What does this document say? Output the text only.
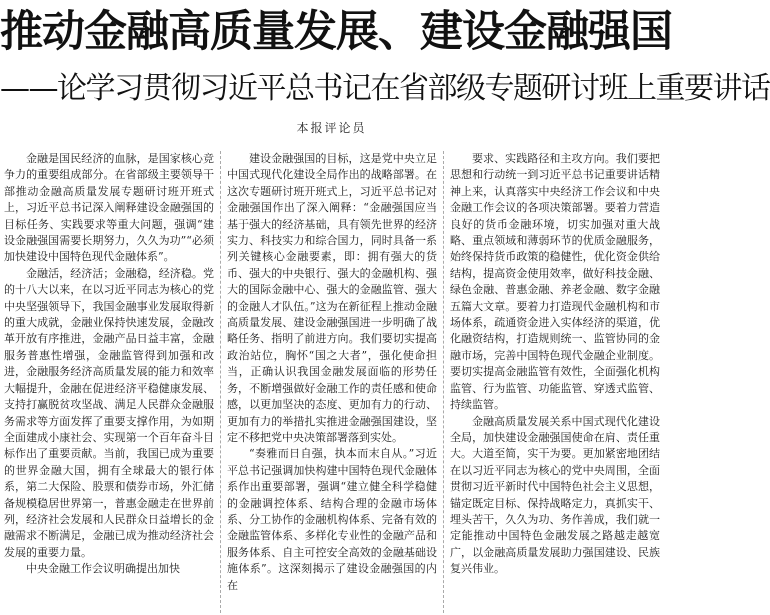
推动金融高质量发展、建设金融强国
——论学习贯彻习近平总书记在省部级专题研讨班上重要讲话
本报评论员

金融是国民经济的血脉，是国家核心竞争力的重要组成部分。在省部级主要领导干部推动金融高质量发展专题研讨班开班式上，习近平总书记深入阐释建设金融强国的目标任务、实践要求等重大问题，强调“建设金融强国需要长期努力，久久为功”“必须加快建设中国特色现代金融体系”。

金融活，经济活；金融稳，经济稳。党的十八大以来，在以习近平同志为核心的党中央坚强领导下，我国金融事业发展取得新的重大成就，金融业保持快速发展，金融改革开放有序推进，金融产品日益丰富，金融服务普惠性增强，金融监管得到加强和改进，金融服务经济高质量发展的能力和效率大幅提升，金融在促进经济平稳健康发展、支持打赢脱贫攻坚战、满足人民群众金融服务需求等方面发挥了重要支撑作用，为如期全面建成小康社会、实现第一个百年奋斗目标作出了重要贡献。当前，我国已成为重要的世界金融大国，拥有全球最大的银行体系，第二大保险、股票和债券市场，外汇储备规模稳居世界第一，普惠金融走在世界前列，经济社会发展和人民群众日益增长的金融需求不断满足，金融已成为推动经济社会发展的重要力量。

中央金融工作会议明确提出加快

建设金融强国的目标，这是党中央立足中国式现代化建设全局作出的战略部署。在这次专题研讨班开班式上，习近平总书记对金融强国作出了深入阐释：“金融强国应当基于强大的经济基础，具有领先世界的经济实力、科技实力和综合国力，同时具备一系列关键核心金融要素，即：拥有强大的货币、强大的中央银行、强大的金融机构、强大的国际金融中心、强大的金融监管、强大的金融人才队伍。”这为在新征程上推动金融高质量发展、建设金融强国进一步明确了战略任务、指明了前进方向。我们要切实提高政治站位，胸怀“国之大者”，强化使命担当，正确认识我国金融发展面临的形势任务，不断增强做好金融工作的责任感和使命感，以更加坚决的态度、更加有力的行动、更加有力的举措扎实推进金融强国建设，坚定不移把党中央决策部署落到实处。

“奏雅而日自强，执本而末自从。”习近平总书记强调加快构建中国特色现代金融体系作出重要部署，强调“建立健全科学稳健的金融调控体系、结构合理的金融市场体系、分工协作的金融机构体系、完备有效的金融监管体系、多样化专业性的金融产品和服务体系、自主可控安全高效的金融基础设施体系”。这深刻揭示了建设金融强国的内在

要求、实践路径和主攻方向。我们要把思想和行动统一到习近平总书记重要讲话精神上来，认真落实中央经济工作会议和中央金融工作会议的各项决策部署。要着力营造良好的货币金融环境，切实加强对重大战略、重点领域和薄弱环节的优质金融服务，始终保持货币政策的稳健性，优化资金供给结构，提高资金使用效率，做好科技金融、绿色金融、普惠金融、养老金融、数字金融五篇大文章。要着力打造现代金融机构和市场体系，疏通资金进入实体经济的渠道，优化融资结构，打造规则统一、监管协同的金融市场，完善中国特色现代金融企业制度。要切实提高金融监管有效性，全面强化机构监管、行为监管、功能监管、穿透式监管、持续监管。

金融高质量发展关系中国式现代化建设全局，加快建设金融强国使命在肩、责任重大。大道至简，实干为要。更加紧密地团结在以习近平同志为核心的党中央周围，全面贯彻习近平新时代中国特色社会主义思想，锚定既定目标、保持战略定力，真抓实干、埋头苦干，久久为功、务作善成，我们就一定能推动中国特色金融发展之路越走越宽广，以金融高质量发展助力强国建设、民族复兴伟业。
